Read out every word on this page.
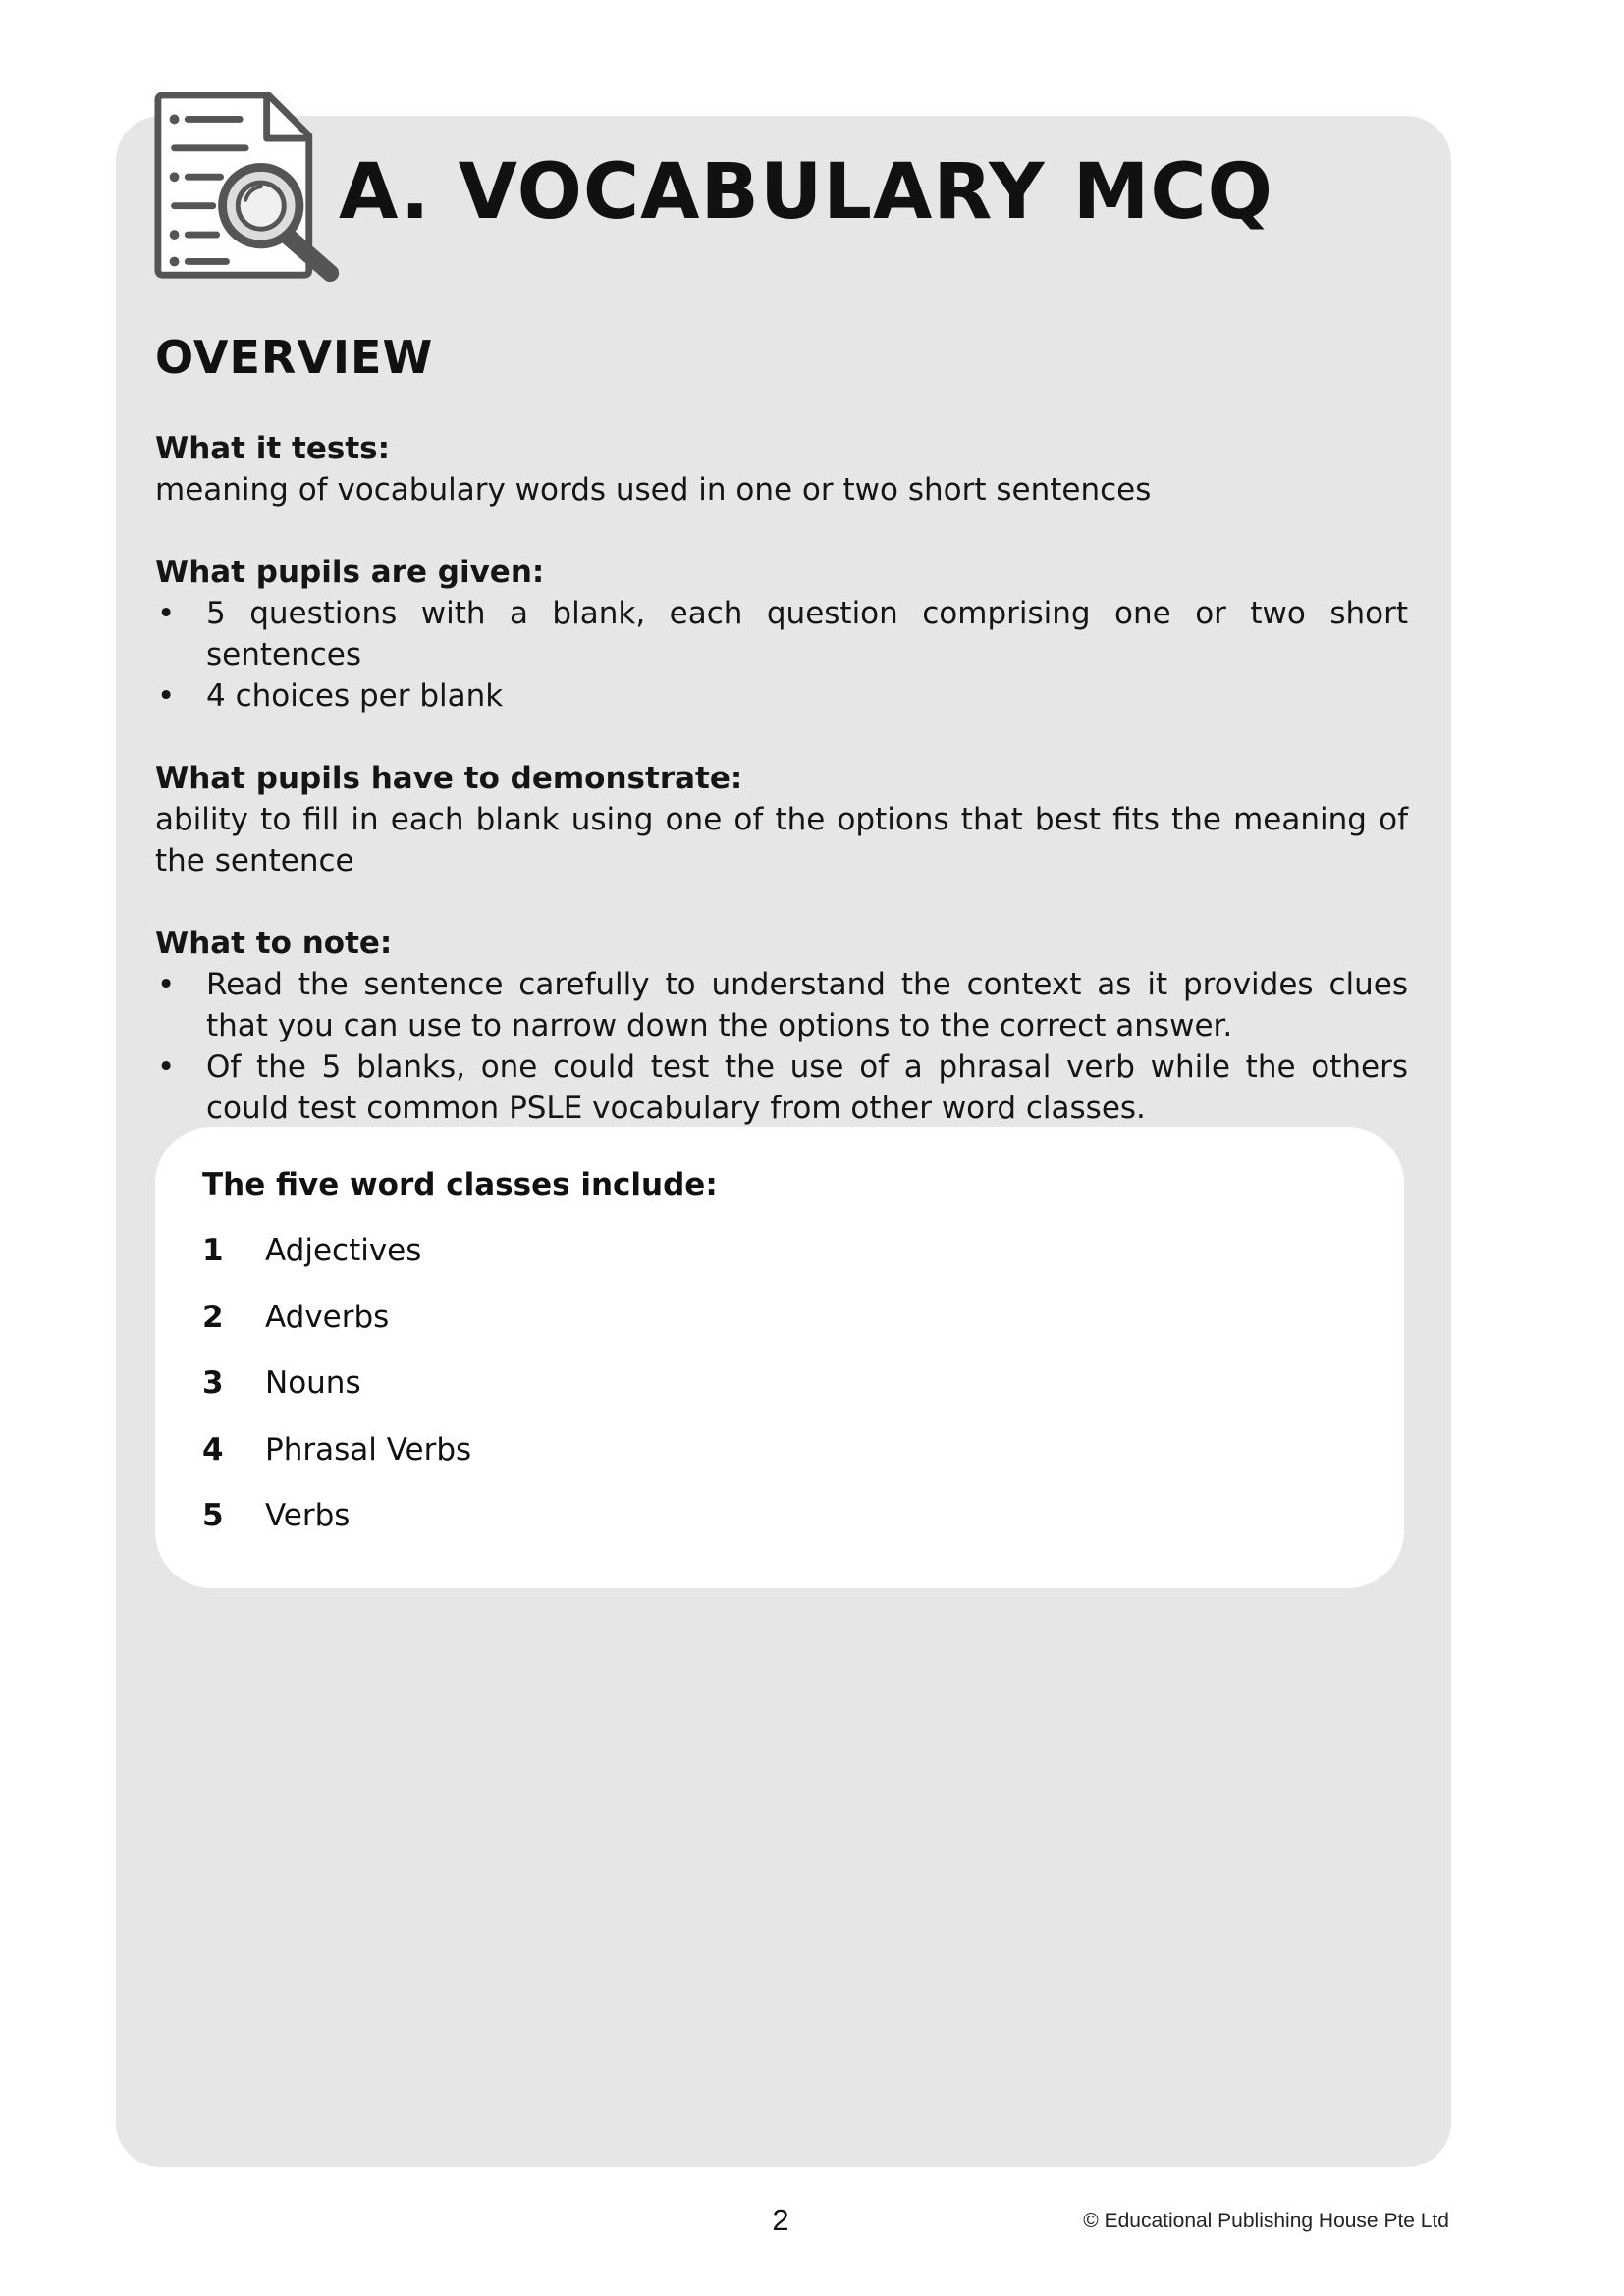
A. VOCABULARY MCQ
OVERVIEW
What it tests:
meaning of vocabulary words used in one or two short sentences
What pupils are given:
• 5 questions with a blank, each question comprising one or two short sentences
• 4 choices per blank
What pupils have to demonstrate:
ability to fill in each blank using one of the options that best fits the meaning of the sentence
What to note:
• Read the sentence carefully to understand the context as it provides clues that you can use to narrow down the options to the correct answer.
• Of the 5 blanks, one could test the use of a phrasal verb while the others could test common PSLE vocabulary from other word classes.
The five word classes include:
1	Adjectives
2	Adverbs
3	Nouns
4	Phrasal Verbs
5	Verbs
2	© Educational Publishing House Pte Ltd
